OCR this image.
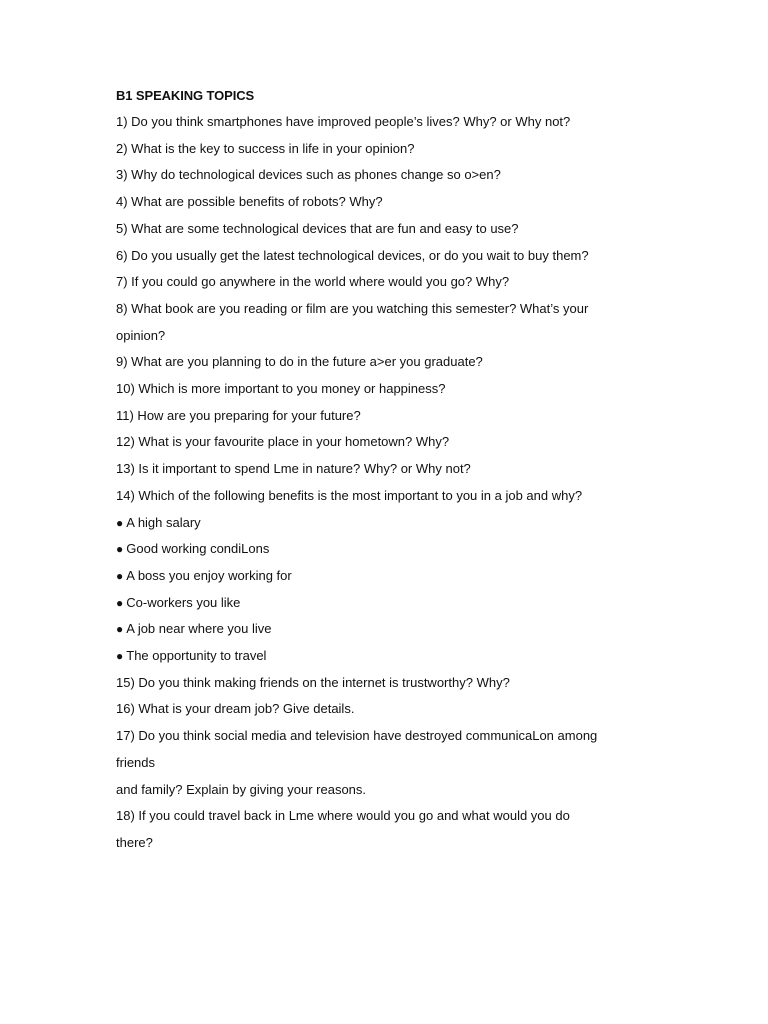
B1 SPEAKING TOPICS
1) Do you think smartphones have improved people’s lives? Why? or Why not?
2) What is the key to success in life in your opinion?
3) Why do technological devices such as phones change so o>en?
4) What are possible benefits of robots? Why?
5) What are some technological devices that are fun and easy to use?
6) Do you usually get the latest technological devices, or do you wait to buy them?
7) If you could go anywhere in the world where would you go? Why?
8) What book are you reading or film are you watching this semester? What’s your
opinion?
9) What are you planning to do in the future a>er you graduate?
10) Which is more important to you money or happiness?
11) How are you preparing for your future?
12) What is your favourite place in your hometown? Why?
13) Is it important to spend Lme in nature? Why? or Why not?
14) Which of the following benefits is the most important to you in a job and why?
● A high salary
● Good working condiLons
● A boss you enjoy working for
● Co-workers you like
● A job near where you live
● The opportunity to travel
15) Do you think making friends on the internet is trustworthy? Why?
16) What is your dream job? Give details.
17) Do you think social media and television have destroyed communicaLon among
friends
and family? Explain by giving your reasons.
18) If you could travel back in Lme where would you go and what would you do
there?
